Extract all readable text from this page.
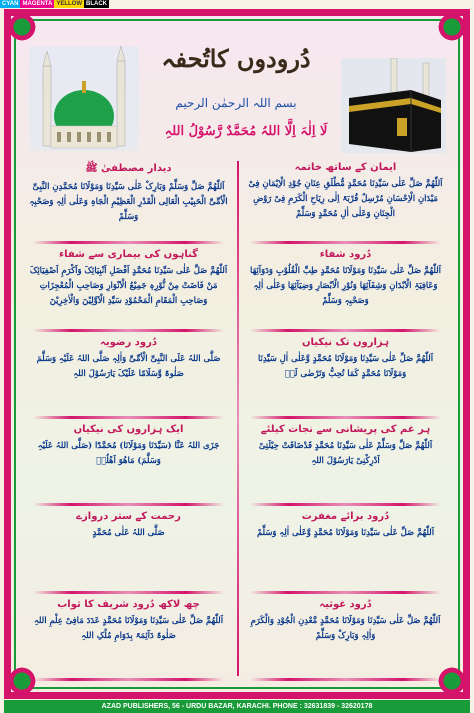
CYAN MAGENTA YELLOW BLACK
دُرودوں کاتُحفہ
بسم اللہ الرحمٰن الرحیم
لَا اِلٰہَ اِلَّا اللہُ مُحَمَّدٌ رَّسُوْلُ اللہِ
دیدار مصطفیٰ ﷺ
اَللّٰھُمَّ صَلِّ وَسَلِّمْ وَبَارِکْ عَلٰی سَیِّدِنَا وَمَوْلَانَا مُحَمَّدِنِ النَّبِیِّ الْاُمِّیِّ الْحَبِیْبِ الْعَالِی الْقَدْرِ الْعَظِیْمِ الْجَاہِ وَعَلٰی اٰلِہٖ وَصَحْبِہٖ وَسَلِّمْ
ایمان کے ساتھ خاتمہ
اَللّٰھُمَّ صَلِّ عَلٰی سَیِّدِنَا مُحَمَّدٍ مُّطْلَقِ عِنَانِ جُوْدِ الْاِیْمَانِ فِیْ مَیْدَانِ الْاِحْسَانِ مُرْسِلٌ قُرْبَۃً اِلٰی رِیَاحِ الْکَرَمِ فِیْ رَوْضِ الْجِنَانِ وَعَلٰی اٰلِ مُحَمَّدٍ وَسَلِّمْ
گناہوں کی بیماری سے شفاء
اَللّٰھُمَّ صَلِّ عَلٰی سَیِّدِنَا مُحَمَّدٍ اَفْضَلِ اَنْبِیَائِکَ وَاَکْرَمِ اَصْفِیَائِکَ مَنْ فَاضَتْ مِنْ نُّوْرِہٖ جَمِیْعُ الْاَنْوَارِ وَصَاحِبِ الْمُعْجِزَاتِ وَصَاحِبِ الْمَقَامِ الْمَحْمُوْدِ سَیِّدِ الْاَوَّلِیْنَ وَالْاٰخِرِیْنَ
دُرود شفاء
اَللّٰھُمَّ صَلِّ عَلٰی سَیِّدِنَا وَمَوْلَانَا مُحَمَّدٍ طِبِّ الْقُلُوْبِ وَدَوَآئِھَا وَعَافِیَۃِ الْاَبْدَانِ وَشِفَآئِھَا وَنُوْرِ الْاَبْصَارِ وَضِیَآئِھَا وَعَلٰی اٰلِہٖ وَصَحْبِہٖ وَسَلِّمْ
دُرود رضویہ
صَلَّی اللہُ عَلَی النَّبِیِّ الْاُمِّیِّ وَاٰلِہٖ صَلَّی اللہُ عَلَیْہِ وَسَلَّمَ صَلٰوۃً وَّسَلَامًا عَلَیْکَ یَارَسُوْلَ اللہِ
ہزاروں تک نیکیاں
اَللّٰھُمَّ صَلِّ عَلٰی سَیِّدِنَا وَمَوْلَانَا مُحَمَّدٍ وَّعَلٰی اٰلِ سَیِّدِنَا وَمَوْلَانَا مُحَمَّدٍ کَمَا تُحِبُّ وَتَرْضٰی لَہٗ
ایک ہزاروں کی نیکیاں
جَزَی اللہُ عَنَّا (سَیِّدَنَا وَمَوْلَانَا) مُحَمَّدًا (صَلَّی اللہُ عَلَیْہِ وَسَلَّمَ) مَاھُوَ اَھْلُہٗ
ہر غم کی پریشانی سے نجات کیلئے
اَللّٰھُمَّ صَلِّ وَسَلِّمْ عَلٰی سَیِّدِنَا مُحَمَّدٍ قَدْضَاقَتْ حِیْلَتِیْ اَدْرِکْنِیْ یَارَسُوْلَ اللہِ
رحمت کے ستر دروازے
صَلَّی اللہُ عَلٰی مُحَمَّدٍ
دُرود برائے مغفرت
اَللّٰھُمَّ صَلِّ عَلٰی سَیِّدِنَا وَمَوْلَانَا مُحَمَّدٍ وَّعَلٰی اٰلِہٖ وَسَلِّمْ
چھ لاکھ دُرود شریف کا ثواب
اَللّٰھُمَّ صَلِّ عَلٰی سَیِّدِنَا وَمَوْلَانَا مُحَمَّدٍ عَدَدَ مَافِیْ عِلْمِ اللہِ صَلٰوۃً دَآئِمَۃً بِدَوَامِ مُلْکِ اللہِ
دُرود غوثیہ
اَللّٰھُمَّ صَلِّ عَلٰی سَیِّدِنَا وَمَوْلَانَا مُحَمَّدٍ مَّعْدِنِ الْجُوْدِ وَالْکَرَمِ وَاٰلِہٖ وَبَارِکْ وَسَلِّمْ
AZAD PUBLISHERS, 56 - URDU BAZAR, KARACHI. PHONE : 32631839 - 32620178
